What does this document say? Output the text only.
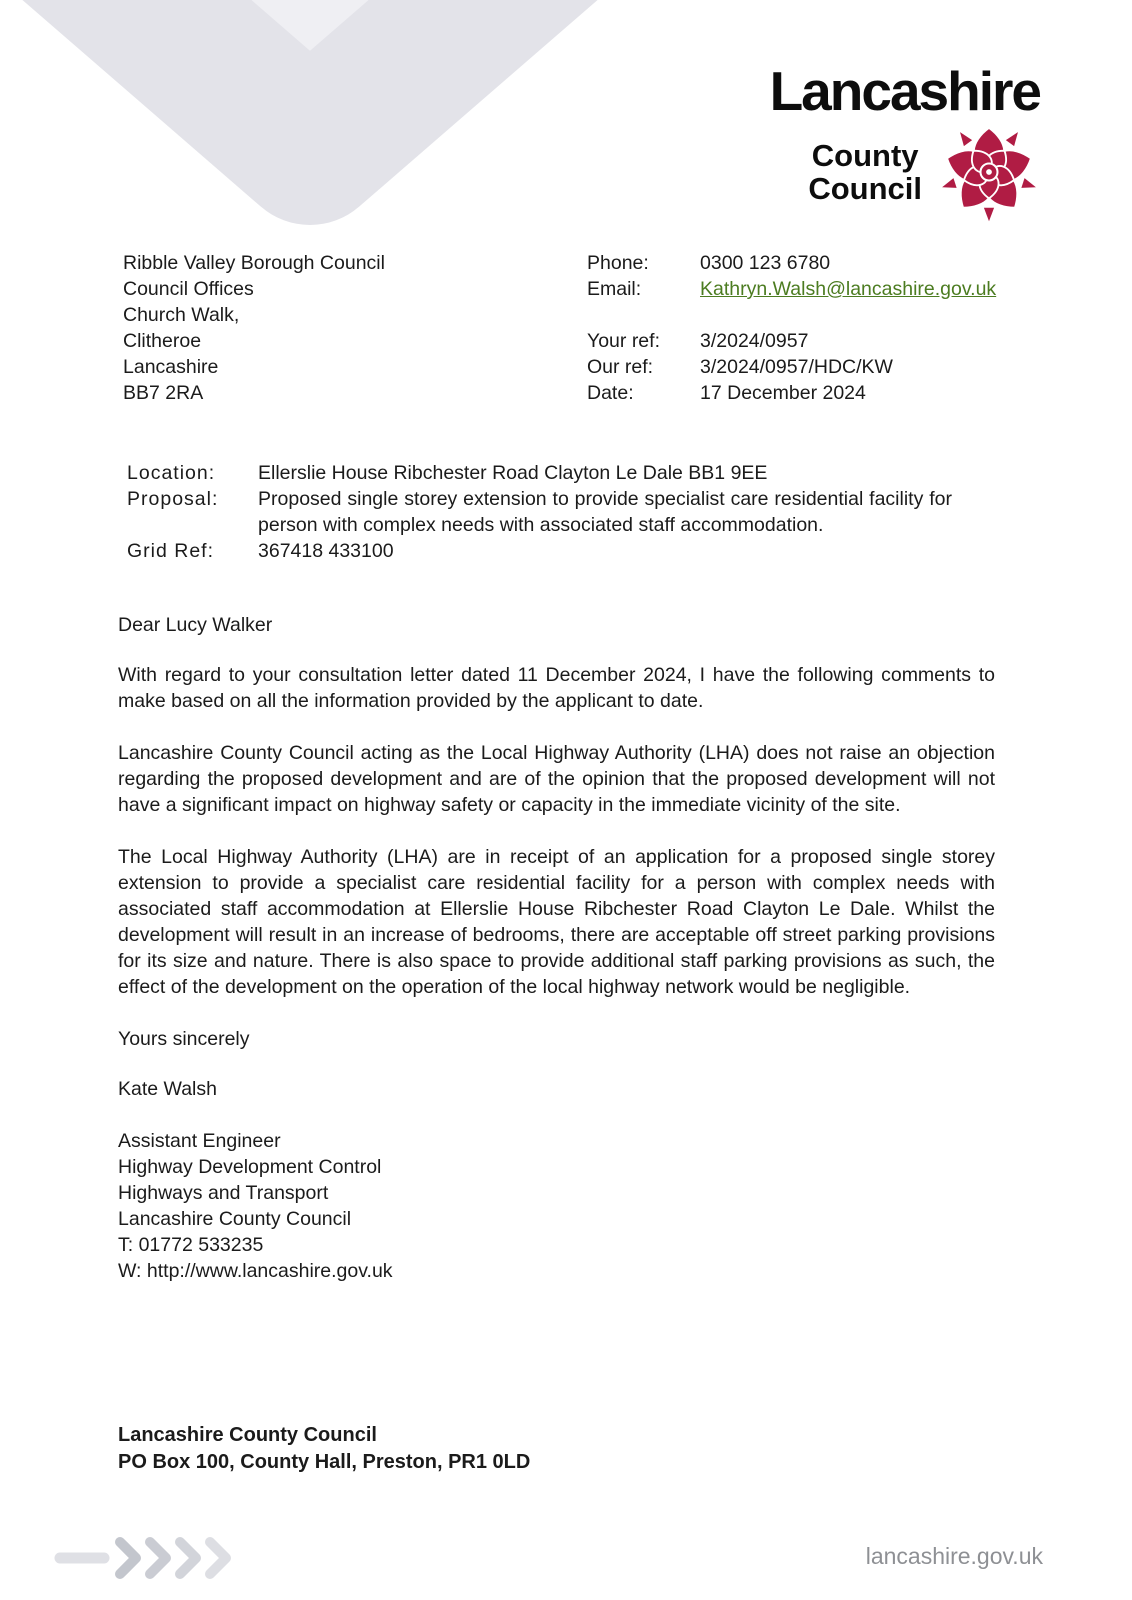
Lancashire
County
Council
Ribble Valley Borough Council
Council Offices
Church Walk,
Clitheroe
Lancashire
BB7 2RA
Phone:	0300 123 6780
Email:	Kathryn.Walsh@lancashire.gov.uk
Your ref: 3/2024/0957
Our ref: 3/2024/0957/HDC/KW
Date:	17 December 2024
Location:	Ellerslie House Ribchester Road Clayton Le Dale BB1 9EE
Proposal:	Proposed single storey extension to provide specialist care residential facility for person with complex needs with associated staff accommodation.
Grid Ref:	367418 433100

Dear Lucy Walker

With regard to your consultation letter dated 11 December 2024, I have the following comments to make based on all the information provided by the applicant to date.

Lancashire County Council acting as the Local Highway Authority (LHA) does not raise an objection regarding the proposed development and are of the opinion that the proposed development will not have a significant impact on highway safety or capacity in the immediate vicinity of the site.

The Local Highway Authority (LHA) are in receipt of an application for a proposed single storey extension to provide a specialist care residential facility for a person with complex needs with associated staff accommodation at Ellerslie House Ribchester Road Clayton Le Dale. Whilst the development will result in an increase of bedrooms, there are acceptable off street parking provisions for its size and nature. There is also space to provide additional staff parking provisions as such, the effect of the development on the operation of the local highway network would be negligible.

Yours sincerely

Kate Walsh

Assistant Engineer
Highway Development Control
Highways and Transport
Lancashire County Council
T: 01772 533235
W: http://www.lancashire.gov.uk
Lancashire County Council
PO Box 100, County Hall, Preston, PR1 0LD
lancashire.gov.uk
